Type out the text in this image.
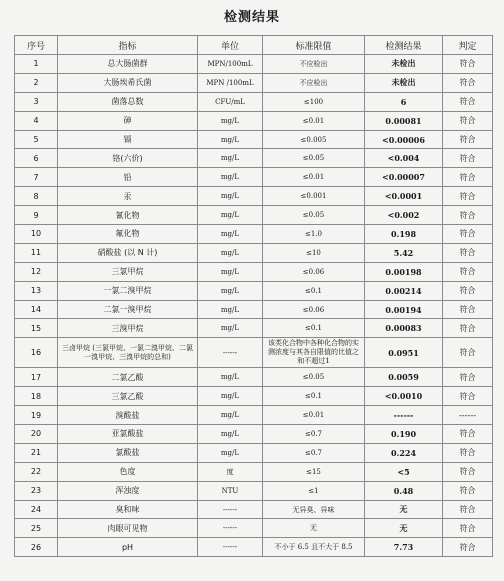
检测结果
序号	指标	单位	标准限值	检测结果	判定
1	总大肠菌群	MPN/100mL	不应检出	未检出	符合
2	大肠埃希氏菌	MPN /100mL	不应检出	未检出	符合
3	菌落总数	CFU/mL	≤100	6	符合
4	砷	mg/L	≤0.01	0.00081	符合
5	镉	mg/L	≤0.005	<0.00006	符合
6	铬(六价)	mg/L	≤0.05	<0.004	符合
7	铅	mg/L	≤0.01	<0.00007	符合
8	汞	mg/L	≤0.001	<0.0001	符合
9	氰化物	mg/L	≤0.05	<0.002	符合
10	氟化物	mg/L	≤1.0	0.198	符合
11	硝酸盐 (以 N 计)	mg/L	≤10	5.42	符合
12	三氯甲烷	mg/L	≤0.06	0.00198	符合
13	一氯二溴甲烷	mg/L	≤0.1	0.00214	符合
14	二氯一溴甲烷	mg/L	≤0.06	0.00194	符合
15	三溴甲烷	mg/L	≤0.1	0.00083	符合
16	三卤甲烷 (三氯甲烷、一氯二溴甲烷、二氯一溴甲烷、三溴甲烷的总和)	------	该类化合物中各种化合物的实测浓度与其各自限值的比值之和不超过1	0.0951	符合
17	二氯乙酸	mg/L	≤0.05	0.0059	符合
18	三氯乙酸	mg/L	≤0.1	<0.0010	符合
19	溴酸盐	mg/L	≤0.01	------	------
20	亚氯酸盐	mg/L	≤0.7	0.190	符合
21	氯酸盐	mg/L	≤0.7	0.224	符合
22	色度	度	≤15	<5	符合
23	浑浊度	NTU	≤1	0.48	符合
24	臭和味	------	无异臭、异味	无	符合
25	肉眼可见物	------	无	无	符合
26	pH	------	不小于 6.5 且不大于 8.5	7.73	符合
